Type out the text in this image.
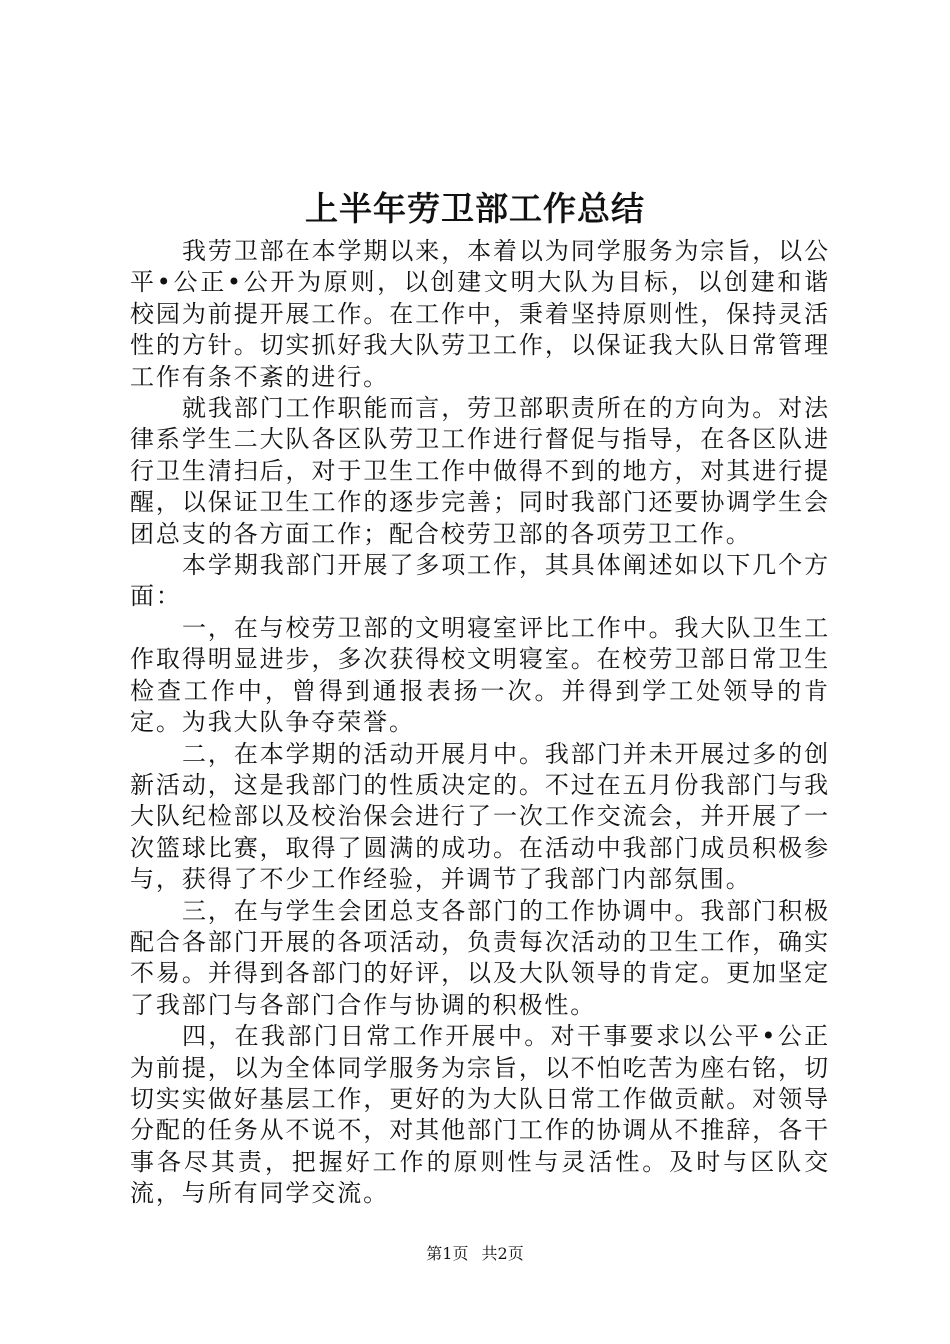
上半年劳卫部工作总结

我劳卫部在本学期以来，本着以为同学服务为宗旨，以公平•公正•公开为原则，以创建文明大队为目标，以创建和谐校园为前提开展工作。在工作中，秉着坚持原则性，保持灵活性的方针。切实抓好我大队劳卫工作，以保证我大队日常管理工作有条不紊的进行。

就我部门工作职能而言，劳卫部职责所在的方向为。对法律系学生二大队各区队劳卫工作进行督促与指导，在各区队进行卫生清扫后，对于卫生工作中做得不到的地方，对其进行提醒，以保证卫生工作的逐步完善；同时我部门还要协调学生会团总支的各方面工作；配合校劳卫部的各项劳卫工作。

本学期我部门开展了多项工作，其具体阐述如以下几个方面：

一，在与校劳卫部的文明寝室评比工作中。我大队卫生工作取得明显进步，多次获得校文明寝室。在校劳卫部日常卫生检查工作中，曾得到通报表扬一次。并得到学工处领导的肯定。为我大队争夺荣誉。

二，在本学期的活动开展月中。我部门并未开展过多的创新活动，这是我部门的性质决定的。不过在五月份我部门与我大队纪检部以及校治保会进行了一次工作交流会，并开展了一次篮球比赛，取得了圆满的成功。在活动中我部门成员积极参与，获得了不少工作经验，并调节了我部门内部氛围。

三，在与学生会团总支各部门的工作协调中。我部门积极配合各部门开展的各项活动，负责每次活动的卫生工作，确实不易。并得到各部门的好评，以及大队领导的肯定。更加坚定了我部门与各部门合作与协调的积极性。

四，在我部门日常工作开展中。对干事要求以公平•公正为前提，以为全体同学服务为宗旨，以不怕吃苦为座右铭，切切实实做好基层工作，更好的为大队日常工作做贡献。对领导分配的任务从不说不，对其他部门工作的协调从不推辞，各干事各尽其责，把握好工作的原则性与灵活性。及时与区队交流，与所有同学交流。

第1页 共2页
